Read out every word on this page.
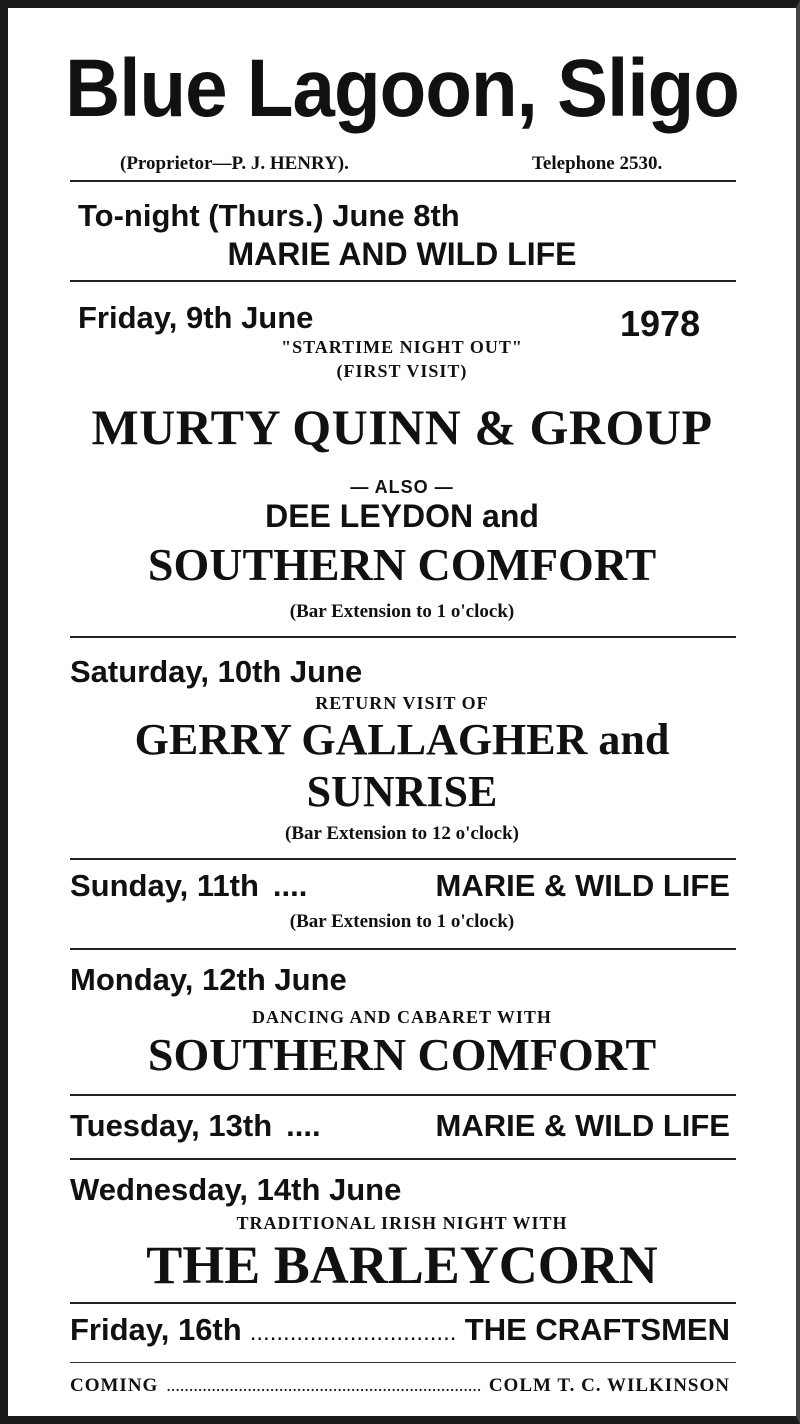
Blue Lagoon, Sligo
(Proprietor—P. J. HENRY).	Telephone 2530.
To-night (Thurs.) June 8th
MARIE AND WILD LIFE
Friday, 9th June	1978
"STARTIME NIGHT OUT"
(FIRST VISIT)
MURTY QUINN & GROUP
— ALSO —
DEE LEYDON and
SOUTHERN COMFORT
(Bar Extension to 1 o'clock)
Saturday, 10th June
RETURN VISIT OF
GERRY GALLAGHER and
SUNRISE
(Bar Extension to 12 o'clock)
Sunday, 11th ....	MARIE & WILD LIFE
(Bar Extension to 1 o'clock)
Monday, 12th June
DANCING AND CABARET WITH
SOUTHERN COMFORT
Tuesday, 13th ....	MARIE & WILD LIFE
Wednesday, 14th June
TRADITIONAL IRISH NIGHT WITH
THE BARLEYCORN
Friday, 16th .....	THE CRAFTSMEN
COMING .....	COLM T. C. WILKINSON
